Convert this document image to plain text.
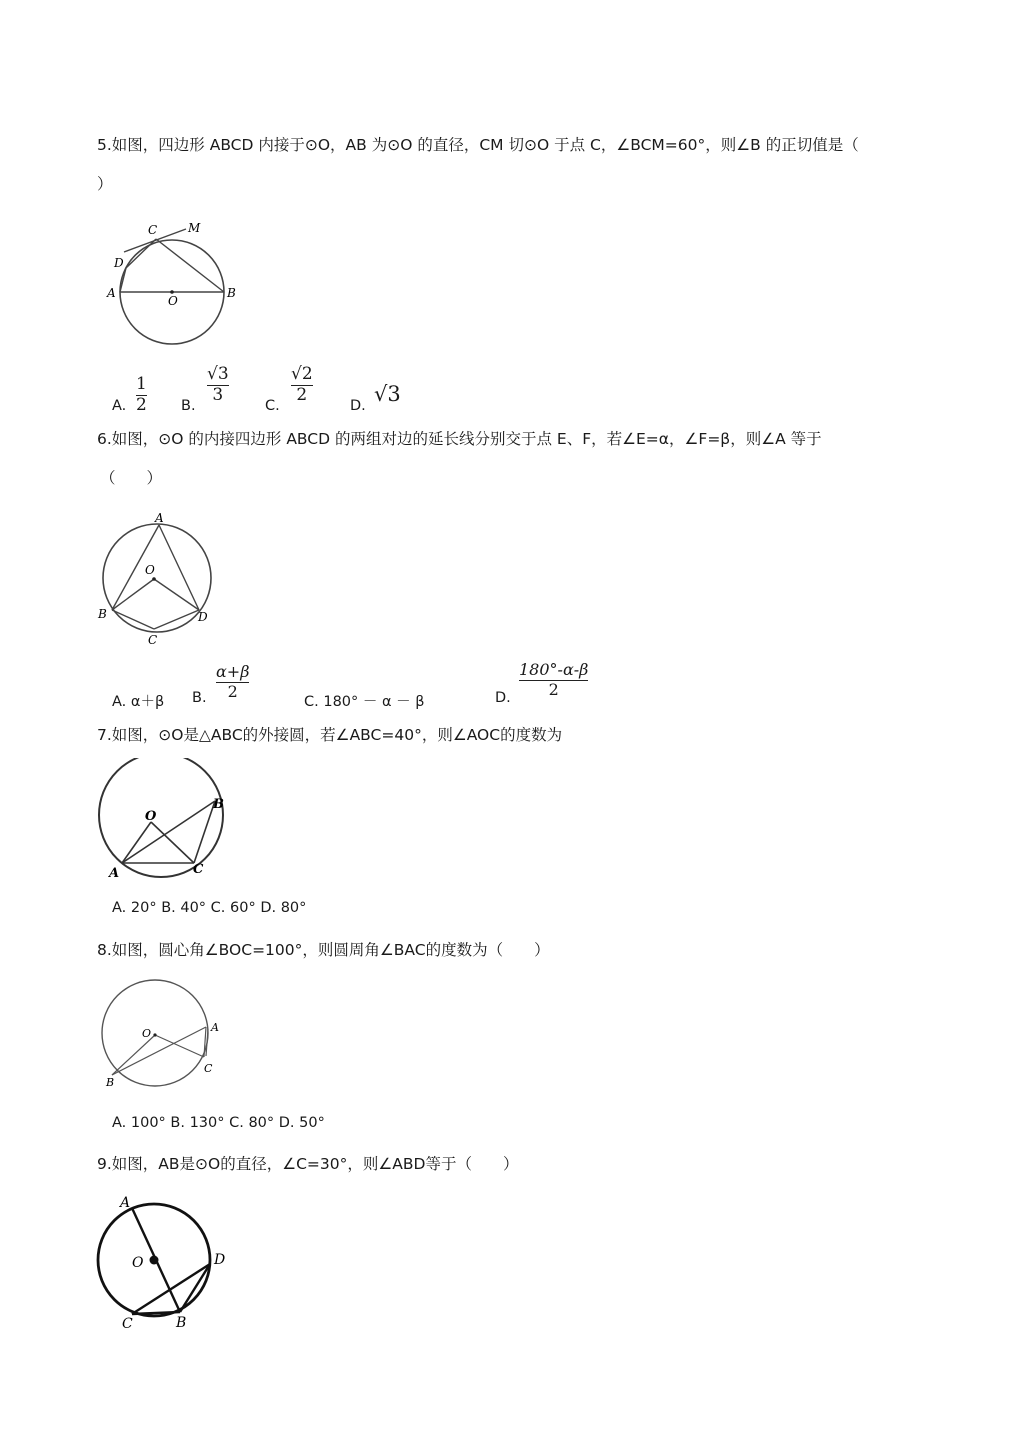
5.如图，四边形 ABCD 内接于⊙O，AB 为⊙O 的直径，CM 切⊙O 于点 C，∠BCM=60°，则∠B 的正切值是（
）
C	M
D
A
O
B
A.
1
2 B.
√3
3
C.
√2
2
D. √3
6.如图，⊙O 的内接四边形 ABCD 的两组对边的延长线分别交于点 E、F，若∠E=α，∠F=β，则∠A 等于
（　　）
A
O
B
C
D
A. α＋β B.
α+β
2
C. 180° － α － β	D.
180°-α-β
2
7.如图，⊙O是△ABC的外接圆，若∠ABC=40°，则∠AOC的度数为
O
B
A	C
A. 20° B. 40° C. 60° D. 80°
8.如图，圆心角∠BOC=100°，则圆周角∠BAC的度数为（　　）
O	A
B
C
A. 100° B. 130° C. 80° D. 50°
9.如图，AB是⊙O的直径，∠C=30°，则∠ABD等于（　　）
A
O	D
C	B
